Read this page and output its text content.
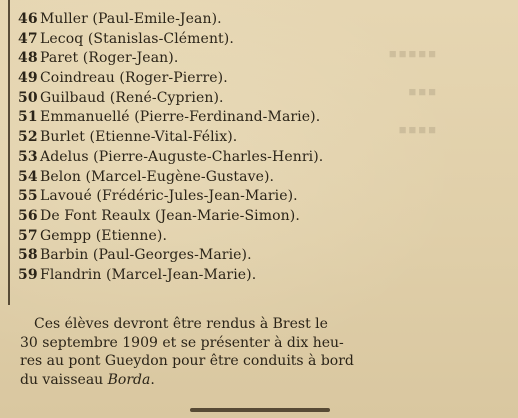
■■■■■
■■■
■■■■
46 Muller (Paul-Emile-Jean).
47 Lecoq (Stanislas-Clément).
48 Paret (Roger-Jean).
49 Coindreau (Roger-Pierre).
50 Guilbaud (René-Cyprien).
51 Emmanuellé (Pierre-Ferdinand-Marie).
52 Burlet (Etienne-Vital-Félix).
53 Adelus (Pierre-Auguste-Charles-Henri).
54 Belon (Marcel-Eugène-Gustave).
55 Lavoué (Frédéric-Jules-Jean-Marie).
56 De Font Reaulx (Jean-Marie-Simon).
57 Gempp (Etienne).
58 Barbin (Paul-Georges-Marie).
59 Flandrin (Marcel-Jean-Marie).

Ces élèves devront être rendus à Brest le
30 septembre 1909 et se présenter à dix heu-
res au pont Gueydon pour être conduits à bord
du vaisseau Borda.
